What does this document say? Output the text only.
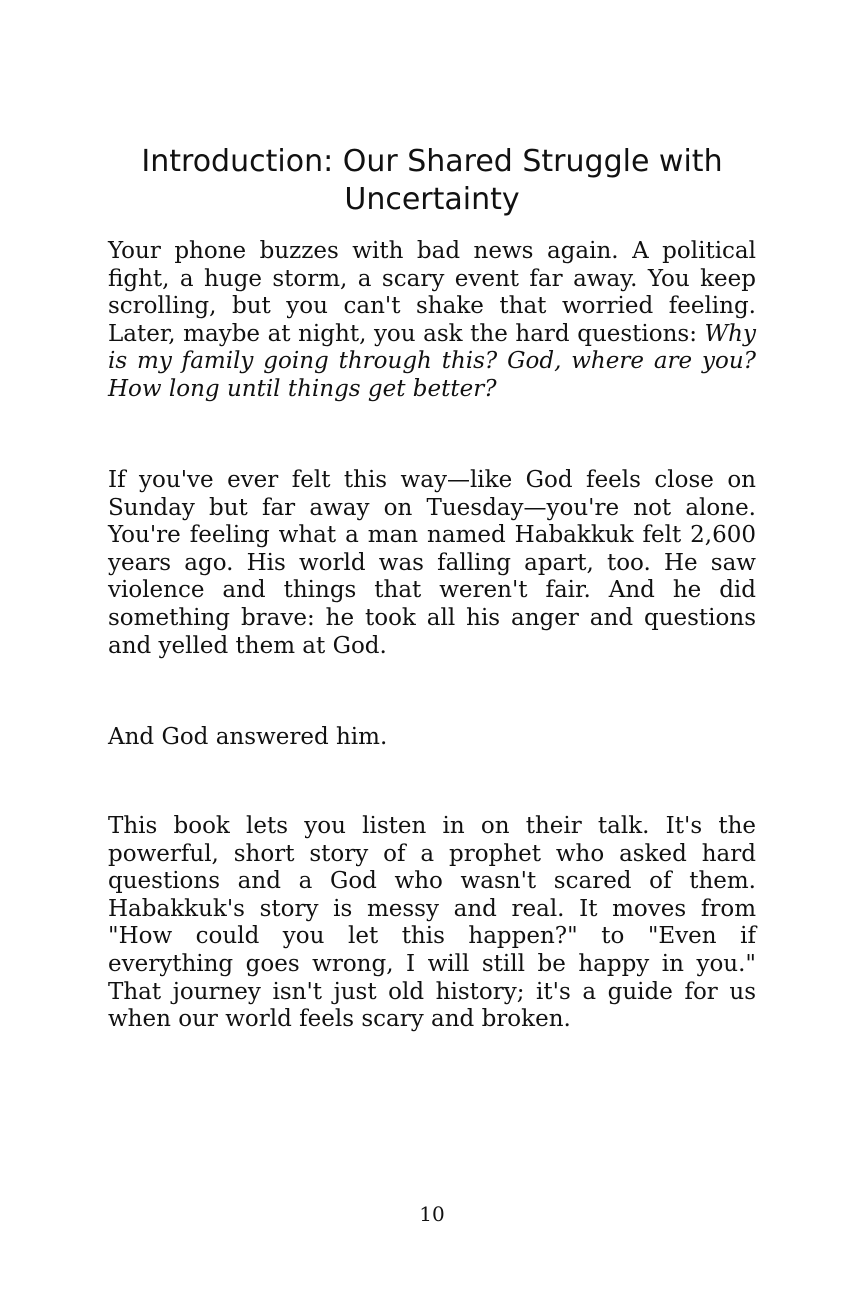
Introduction: Our Shared Struggle with Uncertainty

Your phone buzzes with bad news again. A political fight, a huge storm, a scary event far away. You keep scrolling, but you can't shake that worried feeling. Later, maybe at night, you ask the hard questions: Why is my family going through this? God, where are you? How long until things get better?

If you've ever felt this way—like God feels close on Sunday but far away on Tuesday—you're not alone. You're feeling what a man named Habakkuk felt 2,600 years ago. His world was falling apart, too. He saw violence and things that weren't fair. And he did something brave: he took all his anger and questions and yelled them at God.

And God answered him.

This book lets you listen in on their talk. It's the powerful, short story of a prophet who asked hard questions and a God who wasn't scared of them. Habakkuk's story is messy and real. It moves from "How could you let this happen?" to "Even if everything goes wrong, I will still be happy in you." That journey isn't just old history; it's a guide for us when our world feels scary and broken.

10
